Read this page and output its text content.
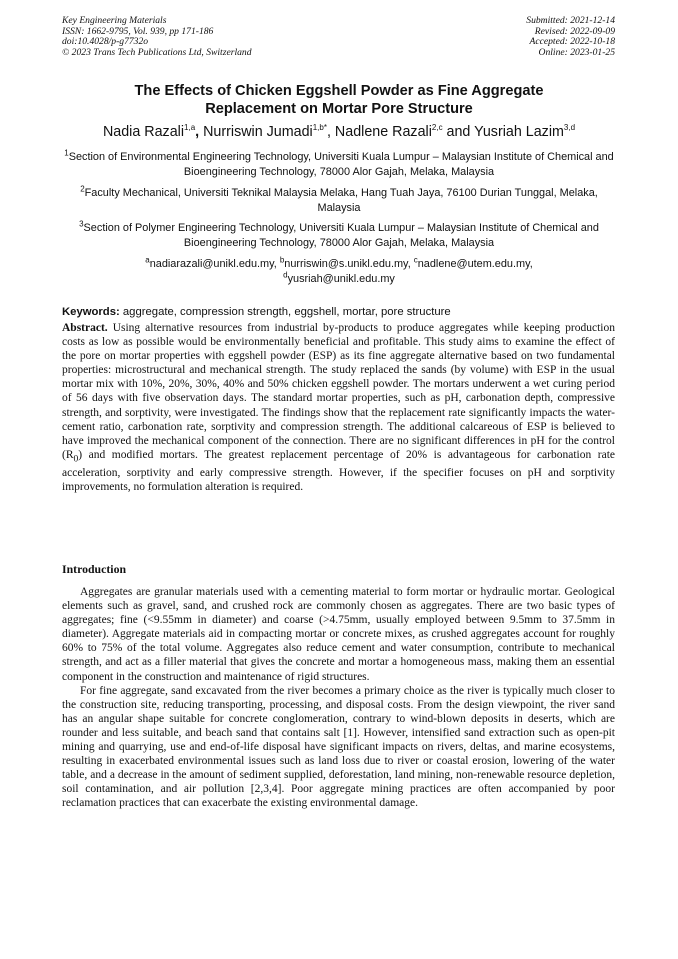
Key Engineering Materials
ISSN: 1662-9795, Vol. 939, pp 171-186
doi:10.4028/p-g7732o
© 2023 Trans Tech Publications Ltd, Switzerland
Submitted: 2021-12-14
Revised: 2022-09-09
Accepted: 2022-10-18
Online: 2023-01-25
The Effects of Chicken Eggshell Powder as Fine Aggregate
Replacement on Mortar Pore Structure
Nadia Razali$^{1,a}$, Nurriswin Jumadi$^{1,b*}$, Nadlene Razali$^{2,c}$ and Yusriah Lazim$^{3,d}$
$^1$Section of Environmental Engineering Technology, Universiti Kuala Lumpur – Malaysian Institute of Chemical and Bioengineering Technology, 78000 Alor Gajah, Melaka, Malaysia
$^2$Faculty Mechanical, Universiti Teknikal Malaysia Melaka, Hang Tuah Jaya, 76100 Durian Tunggal, Melaka, Malaysia
$^3$Section of Polymer Engineering Technology, Universiti Kuala Lumpur – Malaysian Institute of Chemical and Bioengineering Technology, 78000 Alor Gajah, Melaka, Malaysia
$^a$nadiarazali@unikl.edu.my, $^b$nurriswin@s.unikl.edu.my, $^c$nadlene@utem.edu.my,
$^d$yusriah@unikl.edu.my
Keywords: aggregate, compression strength, eggshell, mortar, pore structure
Abstract. Using alternative resources from industrial by-products to produce aggregates while keeping production costs as low as possible would be environmentally beneficial and profitable. This study aims to examine the effect of the pore on mortar properties with eggshell powder (ESP) as its fine aggregate alternative based on two fundamental properties: microstructural and mechanical strength. The study replaced the sands (by volume) with ESP in the usual mortar mix with 10%, 20%, 30%, 40% and 50% chicken eggshell powder. The mortars underwent a wet curing period of 56 days with five observation days. The standard mortar properties, such as pH, carbonation depth, compressive strength, and sorptivity, were investigated. The findings show that the replacement rate significantly impacts the water-cement ratio, carbonation rate, sorptivity and compression strength. The additional calcareous of ESP is believed to have improved the mechanical component of the connection. There are no significant differences in pH for the control $(R_0)$ and modified mortars. The greatest replacement percentage of 20% is advantageous for carbonation rate acceleration, sorptivity and early compressive strength. However, if the specifier focuses on pH and sorptivity improvements, no formulation alteration is required.
Introduction

Aggregates are granular materials used with a cementing material to form mortar or hydraulic mortar. Geological elements such as gravel, sand, and crushed rock are commonly chosen as aggregates. There are two basic types of aggregates; fine (<9.55mm in diameter) and coarse (>4.75mm, usually employed between 9.5mm to 37.5mm in diameter). Aggregate materials aid in compacting mortar or concrete mixes, as crushed aggregates account for roughly 60% to 75% of the total volume. Aggregates also reduce cement and water consumption, contribute to mechanical strength, and act as a filler material that gives the concrete and mortar a homogeneous mass, making them an essential component in the construction and maintenance of rigid structures.

For fine aggregate, sand excavated from the river becomes a primary choice as the river is typically much closer to the construction site, reducing transporting, processing, and disposal costs. From the design viewpoint, the river sand has an angular shape suitable for concrete conglomeration, contrary to wind-blown deposits in deserts, which are rounder and less suitable, and beach sand that contains salt [1]. However, intensified sand extraction such as open-pit mining and quarrying, use and end-of-life disposal have significant impacts on rivers, deltas, and marine ecosystems, resulting in exacerbated environmental issues such as land loss due to river or coastal erosion, lowering of the water table, and a decrease in the amount of sediment supplied, deforestation, land mining, non-renewable resource depletion, soil contamination, and air pollution [2,3,4]. Poor aggregate mining practices are often accompanied by poor reclamation practices that can exacerbate the existing environmental damage.
